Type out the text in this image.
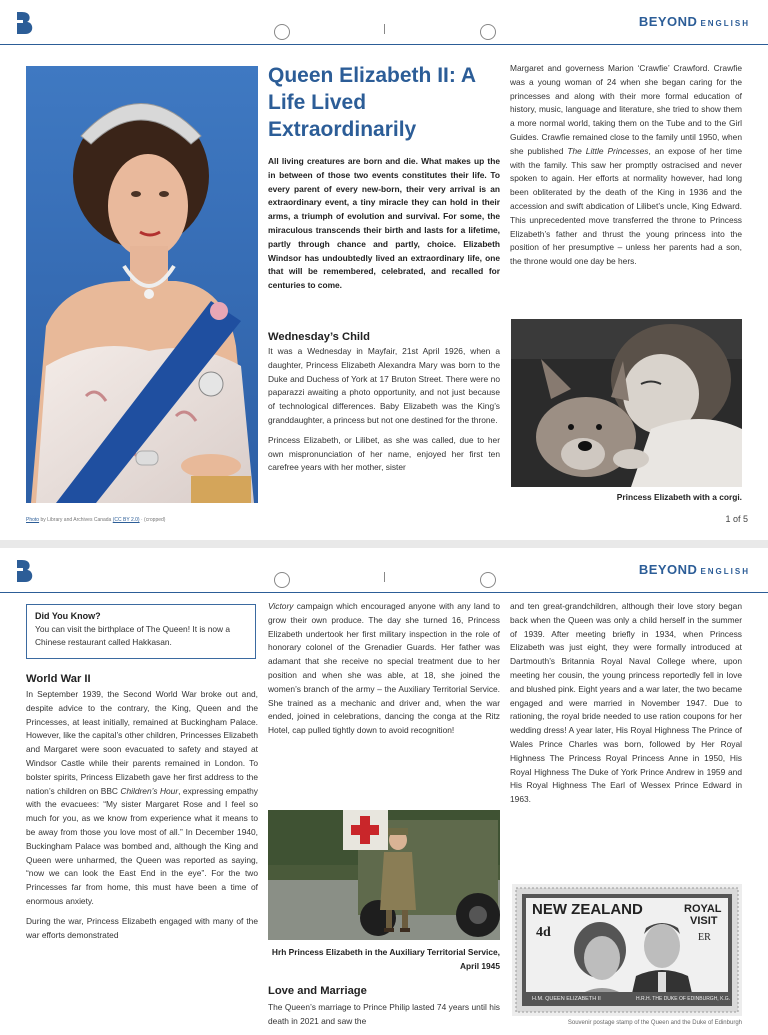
BEYOND ENGLISH
Photo by Library and Archives Canada (CC BY 2.0) · (cropped)
Queen Elizabeth II: A Life Lived Extraordinarily
All living creatures are born and die. What makes up the in between of those two events constitutes their life. To every parent of every new-born, their very arrival is an extraordinary event, a tiny miracle they can hold in their arms, a triumph of evolution and survival. For some, the miraculous transcends their birth and lasts for a lifetime, partly through chance and partly, choice. Elizabeth Windsor has undoubtedly lived an extraordinary life, one that will be remembered, celebrated, and recalled for centuries to come.
Wednesday’s Child

It was a Wednesday in Mayfair, 21st April 1926, when a daughter, Princess Elizabeth Alexandra Mary was born to the Duke and Duchess of York at 17 Bruton Street. There were no paparazzi awaiting a photo opportunity, and not just because of technological differences. Baby Elizabeth was the King’s granddaughter, a princess but not one destined for the throne.

Princess Elizabeth, or Lilibet, as she was called, due to her own mispronunciation of her name, enjoyed her first ten carefree years with her mother, sister

Margaret and governess Marion ‘Crawfie’ Crawford. Crawfie was a young woman of 24 when she began caring for the princesses and along with their more formal education of history, music, language and literature, she tried to show them a more normal world, taking them on the Tube and to the Girl Guides. Crawfie remained close to the family until 1950, when she published The Little Princesses, an expose of her time with the family. This saw her promptly ostracised and never spoken to again. Her efforts at normality however, had long been obliterated by the death of the King in 1936 and the accession and swift abdication of Lilibet’s uncle, King Edward. This unprecedented move transferred the throne to Princess Elizabeth’s father and thrust the young princess into the position of her presumptive – unless her parents had a son, the throne would one day be hers.

Princess Elizabeth with a corgi.
1 of 5
BEYOND ENGLISH
Did You Know?
You can visit the birthplace of The Queen! It is now a Chinese restaurant called Hakkasan.
World War II

In September 1939, the Second World War broke out and, despite advice to the contrary, the King, Queen and the Princesses, at least initially, remained at Buckingham Palace. However, like the capital’s other children, Princesses Elizabeth and Margaret were soon evacuated to safety and stayed at Windsor Castle while their parents remained in London. To bolster spirits, Princess Elizabeth gave her first address to the nation’s children on BBC Children’s Hour, expressing empathy with the evacuees: “My sister Margaret Rose and I feel so much for you, as we know from experience what it means to be away from those you love most of all.” In December 1940, Buckingham Palace was bombed and, although the King and Queen were unharmed, the Queen was reported as saying, “now we can look the East End in the eye”. For the two Princesses far from home, this must have been a time of enormous anxiety.

During the war, Princess Elizabeth engaged with many of the war efforts demonstrated

Victory campaign which encouraged anyone with any land to grow their own produce. The day she turned 16, Princess Elizabeth undertook her first military inspection in the role of honorary colonel of the Grenadier Guards. Her father was adamant that she receive no special treatment due to her position and when she was able, at 18, she joined the women’s branch of the army – the Auxiliary Territorial Service. She trained as a mechanic and driver and, when the war ended, joined in celebrations, dancing the conga at the Ritz Hotel, cap pulled tightly down to avoid recognition!

Hrh Princess Elizabeth in the Auxiliary Territorial Service, April 1945
Love and Marriage

The Queen’s marriage to Prince Philip lasted 74 years until his death in 2021 and saw the

and ten great-grandchildren, although their love story began back when the Queen was only a child herself in the summer of 1939. After meeting briefly in 1934, when Princess Elizabeth was just eight, they were formally introduced at Dartmouth’s Britannia Royal Naval College where, upon meeting her cousin, the young princess reportedly fell in love and blushed pink. Eight years and a war later, the two became engaged and were married in November 1947. Due to rationing, the royal bride needed to use ration coupons for her wedding dress! A year later, His Royal Highness The Prince of Wales Prince Charles was born, followed by Her Royal Highness The Princess Royal Princess Anne in 1950, His Royal Highness The Duke of York Prince Andrew in 1959 and His Royal Highness The Earl of Wessex Prince Edward in 1963.

NEW ZEALAND	ROYAL
VISIT
4d	ER
H.M. QUEEN ELIZABETH II	H.R.H. THE DUKE OF EDINBURGH, K.G.
Souvenir postage stamp of the Queen and the Duke of Edinburgh
